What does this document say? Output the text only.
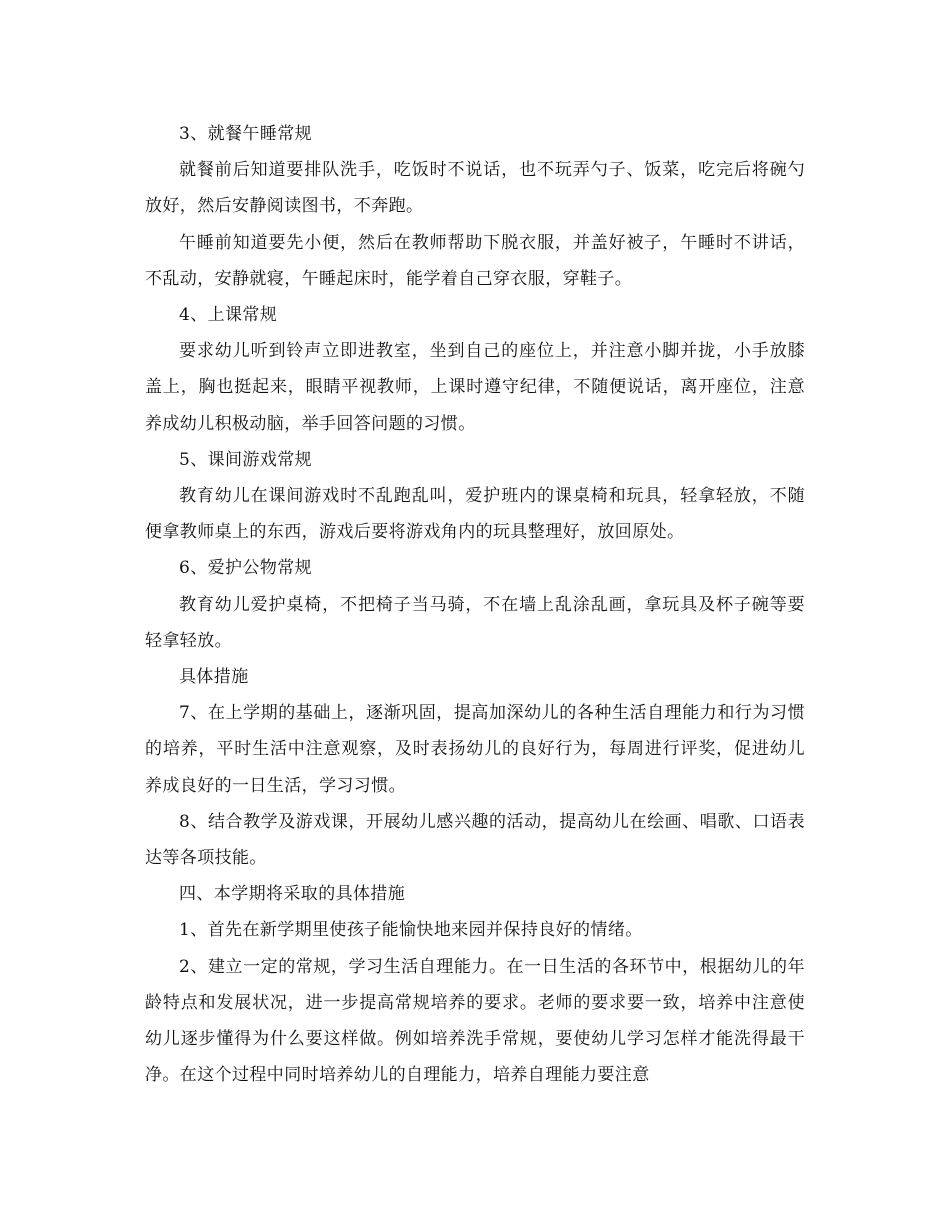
3、就餐午睡常规

就餐前后知道要排队洗手，吃饭时不说话，也不玩弄勺子、饭菜，吃完后将碗勺放好，然后安静阅读图书，不奔跑。

午睡前知道要先小便，然后在教师帮助下脱衣服，并盖好被子，午睡时不讲话，不乱动，安静就寝，午睡起床时，能学着自己穿衣服，穿鞋子。

4、上课常规

要求幼儿听到铃声立即进教室，坐到自己的座位上，并注意小脚并拢，小手放膝盖上，胸也挺起来，眼睛平视教师，上课时遵守纪律，不随便说话，离开座位，注意养成幼儿积极动脑，举手回答问题的习惯。

5、课间游戏常规

教育幼儿在课间游戏时不乱跑乱叫，爱护班内的课桌椅和玩具，轻拿轻放，不随便拿教师桌上的东西，游戏后要将游戏角内的玩具整理好，放回原处。

6、爱护公物常规

教育幼儿爱护桌椅，不把椅子当马骑，不在墙上乱涂乱画，拿玩具及杯子碗等要轻拿轻放。

具体措施

7、在上学期的基础上，逐渐巩固，提高加深幼儿的各种生活自理能力和行为习惯的培养，平时生活中注意观察，及时表扬幼儿的良好行为，每周进行评奖，促进幼儿养成良好的一日生活，学习习惯。

8、结合教学及游戏课，开展幼儿感兴趣的活动，提高幼儿在绘画、唱歌、口语表达等各项技能。

四、本学期将采取的具体措施

1、首先在新学期里使孩子能愉快地来园并保持良好的情绪。

2、建立一定的常规，学习生活自理能力。在一日生活的各环节中，根据幼儿的年龄特点和发展状况，进一步提高常规培养的要求。老师的要求要一致，培养中注意使幼儿逐步懂得为什么要这样做。例如培养洗手常规，要使幼儿学习怎样才能洗得最干净。在这个过程中同时培养幼儿的自理能力，培养自理能力要注意
